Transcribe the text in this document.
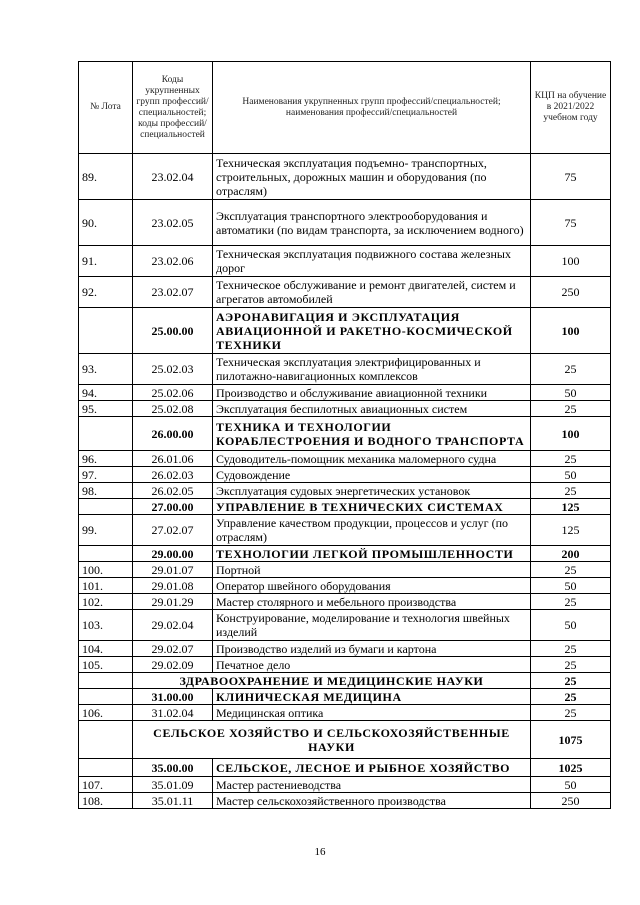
№ Лота	Коды укрупненных групп профессий/ специальностей; коды профессий/ специальностей	Наименования укрупненных групп профессий/специальностей; наименования профессий/специальностей	КЦП на обучение в 2021/2022 учебном году
89.	23.02.04	Техническая эксплуатация подъемно- транспортных, строительных, дорожных машин и оборудования (по отраслям)	75
90.	23.02.05	Эксплуатация транспортного электрооборудования и автоматики (по видам транспорта, за исключением водного)	75
91.	23.02.06	Техническая эксплуатация подвижного состава железных дорог	100
92.	23.02.07	Техническое обслуживание и ремонт двигателей, систем и агрегатов автомобилей	250
	25.00.00	АЭРОНАВИГАЦИЯ И ЭКСПЛУАТАЦИЯ АВИАЦИОННОЙ И РАКЕТНО-КОСМИЧЕСКОЙ ТЕХНИКИ	100
93.	25.02.03	Техническая эксплуатация электрифицированных и пилотажно-навигационных комплексов	25
94.	25.02.06	Производство и обслуживание авиационной техники	50
95.	25.02.08	Эксплуатация беспилотных авиационных систем	25
	26.00.00	ТЕХНИКА И ТЕХНОЛОГИИ КОРАБЛЕСТРОЕНИЯ И ВОДНОГО ТРАНСПОРТА	100
96.	26.01.06	Судоводитель-помощник механика маломерного судна	25
97.	26.02.03	Судовождение	50
98.	26.02.05	Эксплуатация судовых энергетических установок	25
	27.00.00	УПРАВЛЕНИЕ В ТЕХНИЧЕСКИХ СИСТЕМАХ	125
99.	27.02.07	Управление качеством продукции, процессов и услуг (по отраслям)	125
	29.00.00	ТЕХНОЛОГИИ ЛЕГКОЙ ПРОМЫШЛЕННОСТИ	200
100.	29.01.07	Портной	25
101.	29.01.08	Оператор швейного оборудования	50
102.	29.01.29	Мастер столярного и мебельного производства	25
103.	29.02.04	Конструирование, моделирование и технология швейных изделий	50
104.	29.02.07	Производство изделий из бумаги и картона	25
105.	29.02.09	Печатное дело	25
	ЗДРАВООХРАНЕНИЕ И МЕДИЦИНСКИЕ НАУКИ		25
	31.00.00	КЛИНИЧЕСКАЯ МЕДИЦИНА	25
106.	31.02.04	Медицинская оптика	25
	СЕЛЬСКОЕ ХОЗЯЙСТВО И СЕЛЬСКОХОЗЯЙСТВЕННЫЕ НАУКИ		1075
	35.00.00	СЕЛЬСКОЕ, ЛЕСНОЕ И РЫБНОЕ ХОЗЯЙСТВО	1025
107.	35.01.09	Мастер растениеводства	50
108.	35.01.11	Мастер сельскохозяйственного производства	250
16
